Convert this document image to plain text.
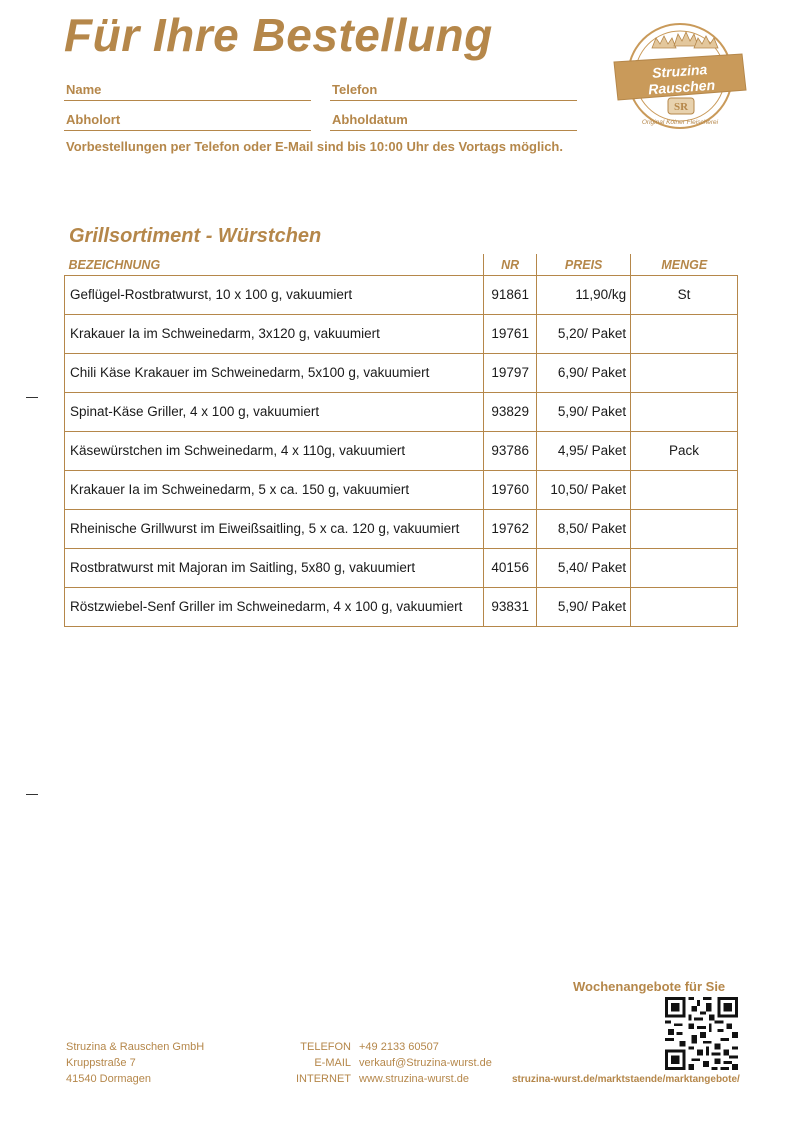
Für Ihre Bestellung
Name	Telefon
Abholort	Abholdatum
Vorbestellungen per Telefon oder E-Mail sind bis 10:00 Uhr des Vortags möglich.
Struzina
Rauschen
SR
Original Kölner Fleischerei
Grillsortiment - Würstchen
BEZEICHNUNG	NR	PREIS	MENGE
Geflügel-Rostbratwurst, 10 x 100 g, vakuumiert	91861	11,90/kg	St
Krakauer Ia im Schweinedarm, 3x120 g, vakuumiert	19761	5,20/ Paket	
Chili Käse Krakauer im Schweinedarm, 5x100 g, vakuumiert	19797	6,90/ Paket	
Spinat-Käse Griller, 4 x 100 g, vakuumiert	93829	5,90/ Paket	
Käsewürstchen im Schweinedarm, 4 x 110g, vakuumiert	93786	4,95/ Paket	Pack
Krakauer Ia im Schweinedarm, 5 x ca. 150 g, vakuumiert	19760	10,50/ Paket	
Rheinische Grillwurst im Eiweißsaitling, 5 x ca. 120 g, vakuumiert	19762	8,50/ Paket	
Rostbratwurst mit Majoran im Saitling, 5x80 g, vakuumiert	40156	5,40/ Paket	
Röstzwiebel-Senf Griller im Schweinedarm, 4 x 100 g, vakuumiert	93831	5,90/ Paket	
Wochenangebote für Sie
struzina-wurst.de/marktstaende/marktangebote/
Struzina & Rauschen GmbH
Kruppstraße 7
41540 Dormagen
TELEFON +49 2133 60507
E-MAIL verkauf@Struzina-wurst.de
INTERNET www.struzina-wurst.de
